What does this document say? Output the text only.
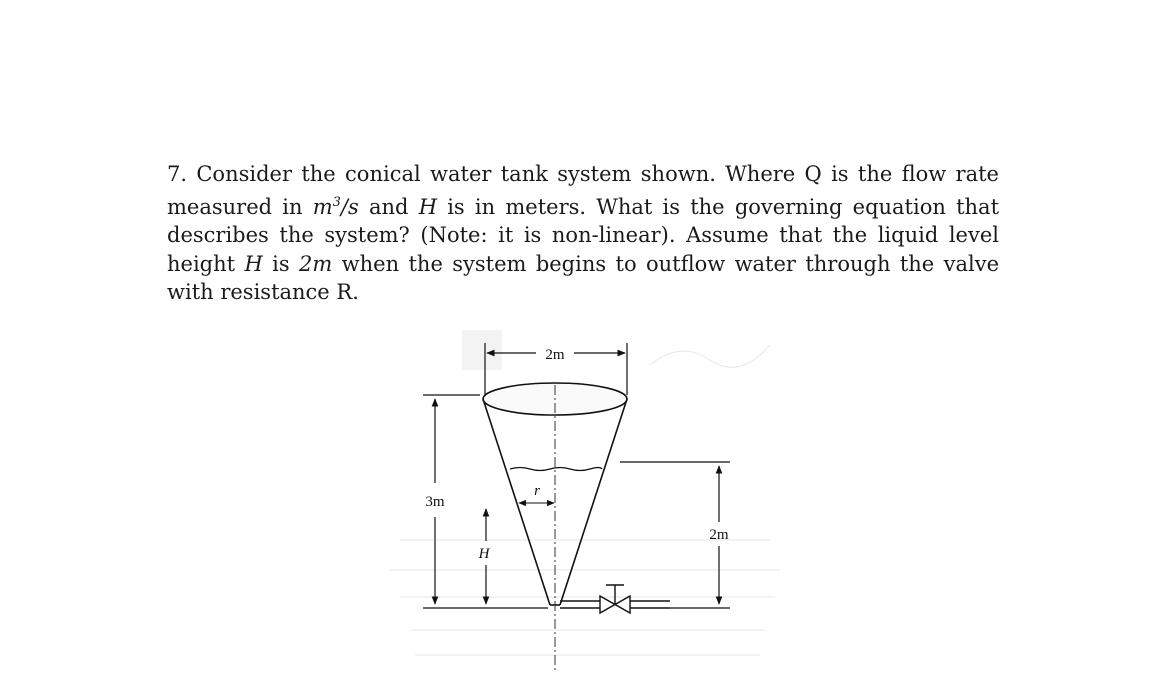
7. Consider the conical water tank system shown. Where Q is the flow rate measured in $m^3/s$ and H is in meters. What is the governing equation that describes the system? (Note: it is non-linear). Assume that the liquid level height H is 2m when the system begins to outflow water through the valve with resistance R.
2m
r
3m
H
2m
